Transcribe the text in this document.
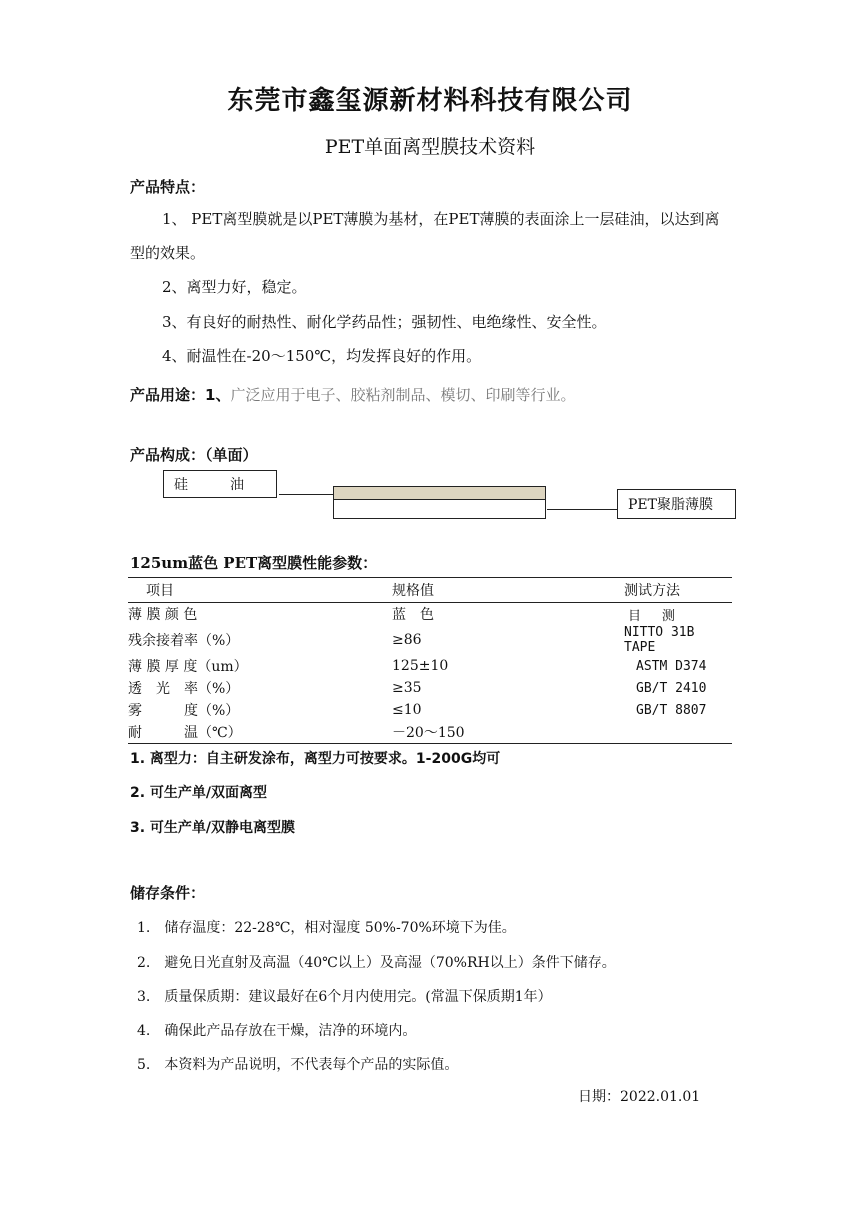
东莞市鑫玺源新材料科技有限公司
PET单面离型膜技术资料
产品特点：
1、 PET离型膜就是以PET薄膜为基材，在PET薄膜的表面涂上一层硅油，以达到离
型的效果。
2、离型力好，稳定。
3、有良好的耐热性、耐化学药品性；强韧性、电绝缘性、安全性。
4、耐温性在-20～150℃，均发挥良好的作用。
产品用途：1、广泛应用于电子、胶粘剂制品、模切、印刷等行业。
产品构成：（单面）
硅　　　油
PET聚脂薄膜
125um蓝色 PET离型膜性能参数：
项目	规格值	测试方法
薄 膜 颜 色	蓝　色	目　 测
残余接着率（%）	≥86	NITTO 31B TAPE
薄 膜 厚 度（um）	125±10	ASTM D374
透　光　率（%）	≥35	GB/T 2410
雾　　　度（%）	≤10	GB/T 8807
耐　　　温（℃）	－20～150	
1. 离型力：自主研发涂布，离型力可按要求。1-200G均可
2. 可生产单/双面离型
3. 可生产单/双静电离型膜
储存条件：
1.　储存温度：22-28℃，相对湿度 50%-70%环境下为佳。
2.　避免日光直射及高温（40℃以上）及高湿（70%RH以上）条件下储存。
3.　质量保质期：建议最好在6个月内使用完。(常温下保质期1年）
4.　确保此产品存放在干燥，洁净的环境内。
5.　本资料为产品说明，不代表每个产品的实际值。
日期：2022.01.01
